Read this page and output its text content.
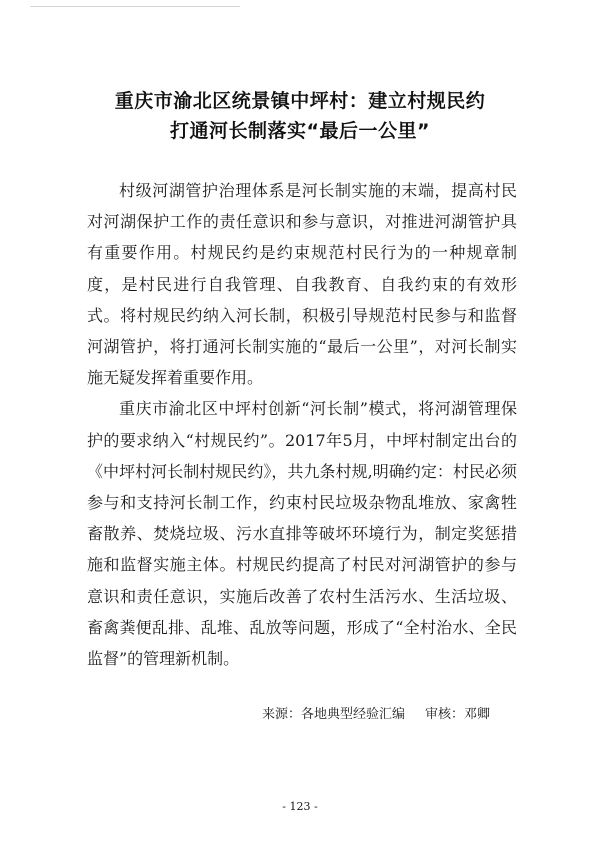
重庆市渝北区统景镇中坪村：建立村规民约
打通河长制落实“最后一公里”

村级河湖管护治理体系是河长制实施的末端，提高村民对河湖保护工作的责任意识和参与意识，对推进河湖管护具有重要作用。村规民约是约束规范村民行为的一种规章制度，是村民进行自我管理、自我教育、自我约束的有效形式。将村规民约纳入河长制，积极引导规范村民参与和监督河湖管护，将打通河长制实施的“最后一公里”，对河长制实施无疑发挥着重要作用。

重庆市渝北区中坪村创新“河长制”模式，将河湖管理保护的要求纳入“村规民约”。2017年5月，中坪村制定出台的《中坪村河长制村规民约》，共九条村规,明确约定：村民必须参与和支持河长制工作，约束村民垃圾杂物乱堆放、家禽牲畜散养、焚烧垃圾、污水直排等破坏环境行为，制定奖惩措施和监督实施主体。村规民约提高了村民对河湖管护的参与意识和责任意识，实施后改善了农村生活污水、生活垃圾、畜禽粪便乱排、乱堆、乱放等问题，形成了“全村治水、全民监督”的管理新机制。

来源：各地典型经验汇编 审核：邓卿
- 123 -
